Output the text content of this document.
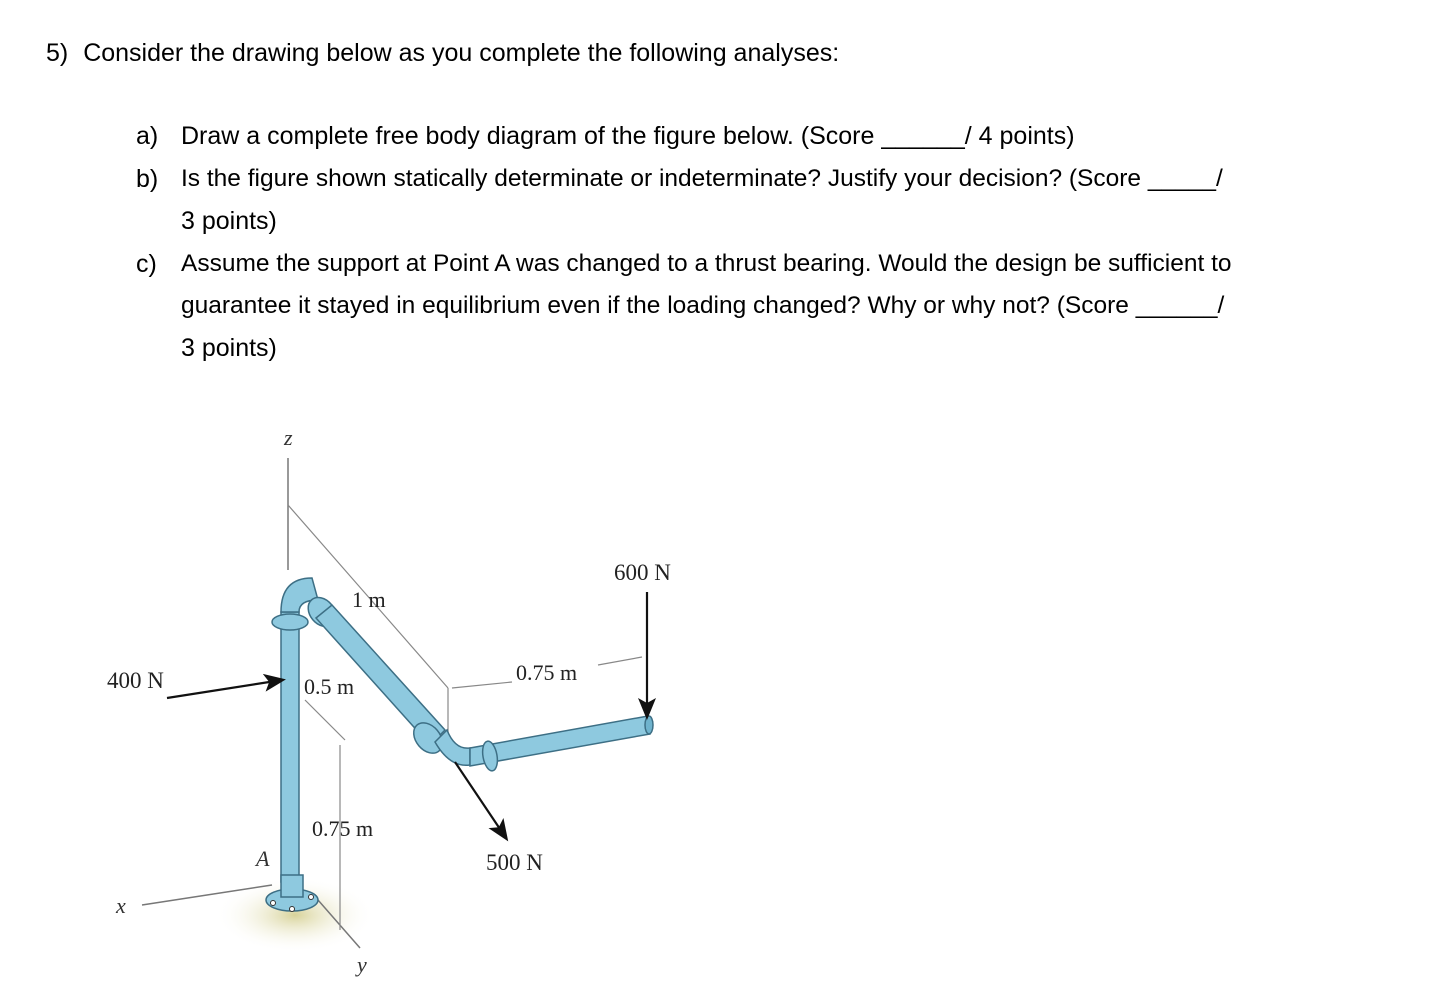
5) Consider the drawing below as you complete the following analyses:
a) Draw a complete free body diagram of the figure below. (Score ______/ 4 points)
b) Is the figure shown statically determinate or indeterminate? Justify your decision? (Score _____/
3 points)
c) Assume the support at Point A was changed to a thrust bearing. Would the design be sufficient to
guarantee it stayed in equilibrium even if the loading changed? Why or why not? (Score ______/
3 points)
z
x
y
1 m
0.75 m
0.5 m
0.75 m
A
400 N
600 N
500 N
